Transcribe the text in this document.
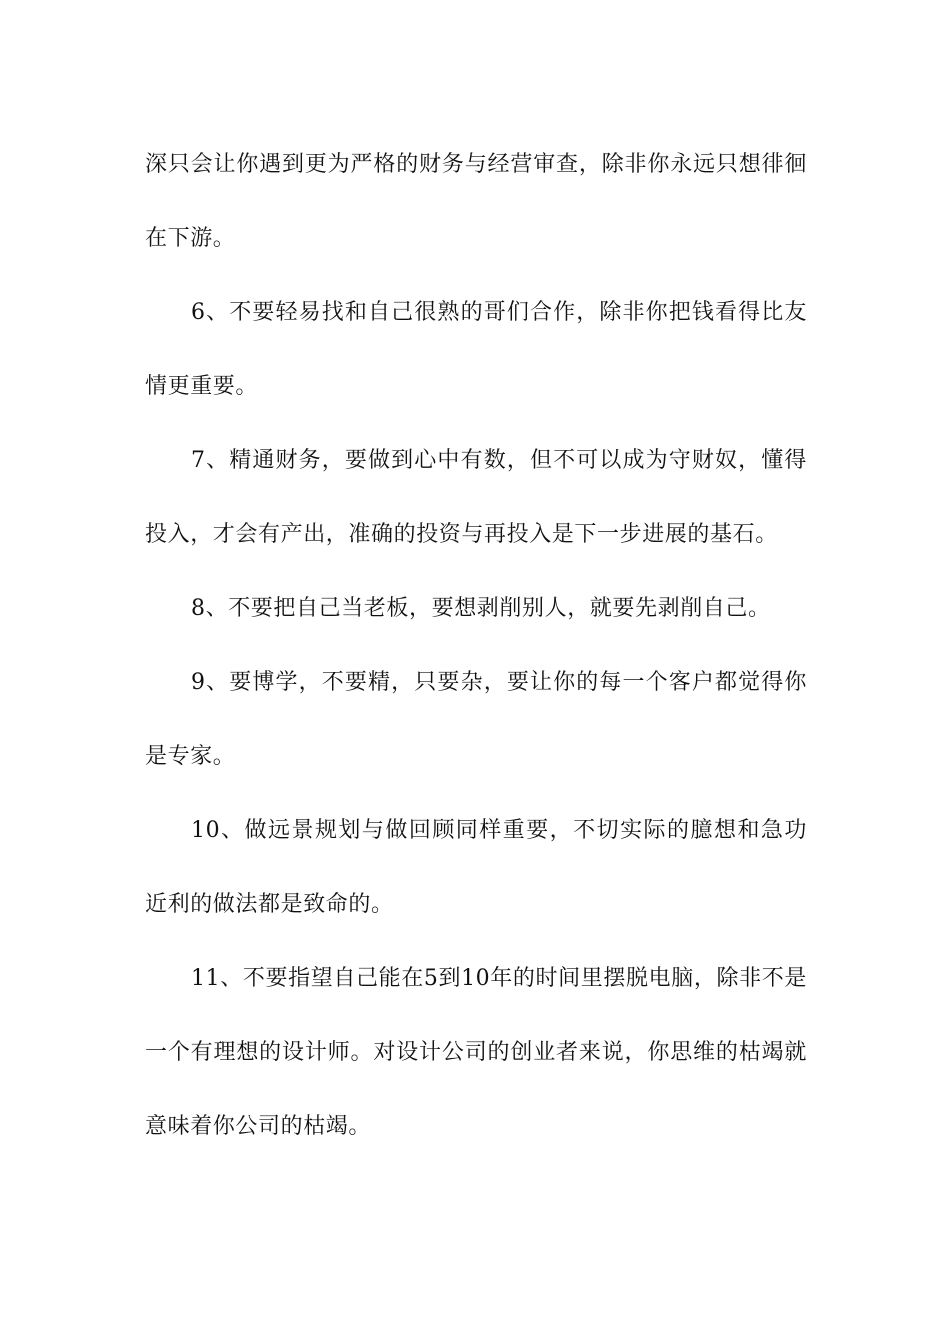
深只会让你遇到更为严格的财务与经营审查，除非你永远只想徘徊在下游。

6、不要轻易找和自己很熟的哥们合作，除非你把钱看得比友情更重要。

7、精通财务，要做到心中有数，但不可以成为守财奴，懂得投入，才会有产出，准确的投资与再投入是下一步进展的基石。

8、不要把自己当老板，要想剥削别人，就要先剥削自己。

9、要博学，不要精，只要杂，要让你的每一个客户都觉得你是专家。

10、做远景规划与做回顾同样重要，不切实际的臆想和急功近利的做法都是致命的。

11、不要指望自己能在5到10年的时间里摆脱电脑，除非不是一个有理想的设计师。对设计公司的创业者来说，你思维的枯竭就意味着你公司的枯竭。
